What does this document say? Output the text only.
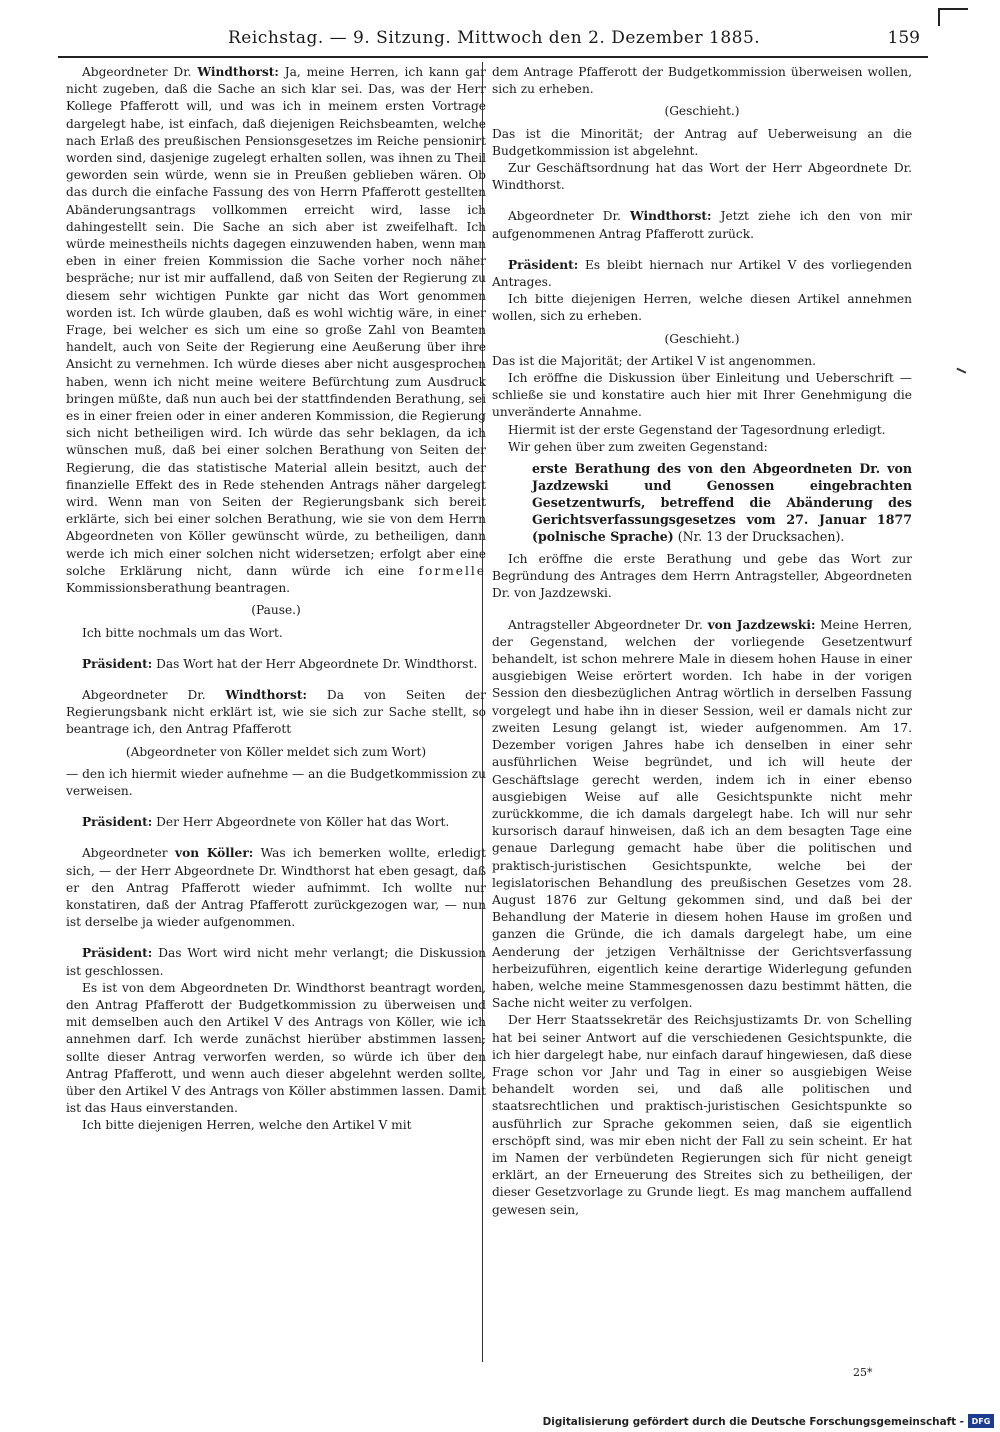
Reichstag. — 9. Sitzung. Mittwoch den 2. Dezember 1885.	159

Abgeordneter Dr. Windthorst: Ja, meine Herren, ich kann gar nicht zugeben, daß die Sache an sich klar sei. Das, was der Herr Kollege Pfafferott will, und was ich in meinem ersten Vortrage dargelegt habe, ist einfach, daß diejenigen Reichsbeamten, welche nach Erlaß des preußischen Pensionsgesetzes im Reiche pensionirt worden sind, dasjenige zugelegt erhalten sollen, was ihnen zu Theil geworden sein würde, wenn sie in Preußen geblieben wären. Ob das durch die einfache Fassung des von Herrn Pfafferott gestellten Abänderungsantrags vollkommen erreicht wird, lasse ich dahingestellt sein. Die Sache an sich aber ist zweifelhaft. Ich würde meinestheils nichts dagegen einzuwenden haben, wenn man eben in einer freien Kommission die Sache vorher noch näher bespräche; nur ist mir auffallend, daß von Seiten der Regierung zu diesem sehr wichtigen Punkte gar nicht das Wort genommen worden ist. Ich würde glauben, daß es wohl wichtig wäre, in einer Frage, bei welcher es sich um eine so große Zahl von Beamten handelt, auch von Seite der Regierung eine Aeußerung über ihre Ansicht zu vernehmen. Ich würde dieses aber nicht ausgesprochen haben, wenn ich nicht meine weitere Befürchtung zum Ausdruck bringen müßte, daß nun auch bei der stattfindenden Berathung, sei es in einer freien oder in einer anderen Kommission, die Regierung sich nicht betheiligen wird. Ich würde das sehr beklagen, da ich wünschen muß, daß bei einer solchen Berathung von Seiten der Regierung, die das statistische Material allein besitzt, auch der finanzielle Effekt des in Rede stehenden Antrags näher dargelegt wird. Wenn man von Seiten der Regierungsbank sich bereit erklärte, sich bei einer solchen Berathung, wie sie von dem Herrn Abgeordneten von Köller gewünscht würde, zu betheiligen, dann werde ich mich einer solchen nicht widersetzen; erfolgt aber eine solche Erklärung nicht, dann würde ich eine formelle Kommissionsberathung beantragen.

(Pause.)

Ich bitte nochmals um das Wort.

Präsident: Das Wort hat der Herr Abgeordnete Dr. Windthorst.

Abgeordneter Dr. Windthorst: Da von Seiten der Regierungsbank nicht erklärt ist, wie sie sich zur Sache stellt, so beantrage ich, den Antrag Pfafferott

(Abgeordneter von Köller meldet sich zum Wort)

— den ich hiermit wieder aufnehme — an die Budgetkommission zu verweisen.

Präsident: Der Herr Abgeordnete von Köller hat das Wort.

Abgeordneter von Köller: Was ich bemerken wollte, erledigt sich, — der Herr Abgeordnete Dr. Windthorst hat eben gesagt, daß er den Antrag Pfafferott wieder aufnimmt. Ich wollte nur konstatiren, daß der Antrag Pfafferott zurückgezogen war, — nun ist derselbe ja wieder aufgenommen.

Präsident: Das Wort wird nicht mehr verlangt; die Diskussion ist geschlossen.

Es ist von dem Abgeordneten Dr. Windthorst beantragt worden, den Antrag Pfafferott der Budgetkommission zu überweisen und mit demselben auch den Artikel V des Antrags von Köller, wie ich annehmen darf. Ich werde zunächst hierüber abstimmen lassen; sollte dieser Antrag verworfen werden, so würde ich über den Antrag Pfafferott, und wenn auch dieser abgelehnt werden sollte, über den Artikel V des Antrags von Köller abstimmen lassen. Damit ist das Haus einverstanden.

Ich bitte diejenigen Herren, welche den Artikel V mit

dem Antrage Pfafferott der Budgetkommission überweisen wollen, sich zu erheben.

(Geschieht.)

Das ist die Minorität; der Antrag auf Ueberweisung an die Budgetkommission ist abgelehnt.

Zur Geschäftsordnung hat das Wort der Herr Abgeordnete Dr. Windthorst.

Abgeordneter Dr. Windthorst: Jetzt ziehe ich den von mir aufgenommenen Antrag Pfafferott zurück.

Präsident: Es bleibt hiernach nur Artikel V des vorliegenden Antrages.

Ich bitte diejenigen Herren, welche diesen Artikel annehmen wollen, sich zu erheben.

(Geschieht.)

Das ist die Majorität; der Artikel V ist angenommen.

Ich eröffne die Diskussion über Einleitung und Ueberschrift — schließe sie und konstatire auch hier mit Ihrer Genehmigung die unveränderte Annahme.

Hiermit ist der erste Gegenstand der Tagesordnung erledigt.

Wir gehen über zum zweiten Gegenstand:

erste Berathung des von den Abgeordneten Dr. von Jazdzewski und Genossen eingebrachten Gesetzentwurfs, betreffend die Abänderung des Gerichtsverfassungsgesetzes vom 27. Januar 1877 (polnische Sprache) (Nr. 13 der Drucksachen).

Ich eröffne die erste Berathung und gebe das Wort zur Begründung des Antrages dem Herrn Antragsteller, Abgeordneten Dr. von Jazdzewski.

Antragsteller Abgeordneter Dr. von Jazdzewski: Meine Herren, der Gegenstand, welchen der vorliegende Gesetzentwurf behandelt, ist schon mehrere Male in diesem hohen Hause in einer ausgiebigen Weise erörtert worden. Ich habe in der vorigen Session den diesbezüglichen Antrag wörtlich in derselben Fassung vorgelegt und habe ihn in dieser Session, weil er damals nicht zur zweiten Lesung gelangt ist, wieder aufgenommen. Am 17. Dezember vorigen Jahres habe ich denselben in einer sehr ausführlichen Weise begründet, und ich will heute der Geschäftslage gerecht werden, indem ich in einer ebenso ausgiebigen Weise auf alle Gesichtspunkte nicht mehr zurückkomme, die ich damals dargelegt habe. Ich will nur sehr kursorisch darauf hinweisen, daß ich an dem besagten Tage eine genaue Darlegung gemacht habe über die politischen und praktisch-juristischen Gesichtspunkte, welche bei der legislatorischen Behandlung des preußischen Gesetzes vom 28. August 1876 zur Geltung gekommen sind, und daß bei der Behandlung der Materie in diesem hohen Hause im großen und ganzen die Gründe, die ich damals dargelegt habe, um eine Aenderung der jetzigen Verhältnisse der Gerichtsverfassung herbeizuführen, eigentlich keine derartige Widerlegung gefunden haben, welche meine Stammesgenossen dazu bestimmt hätten, die Sache nicht weiter zu verfolgen.

Der Herr Staatssekretär des Reichsjustizamts Dr. von Schelling hat bei seiner Antwort auf die verschiedenen Gesichtspunkte, die ich hier dargelegt habe, nur einfach darauf hingewiesen, daß diese Frage schon vor Jahr und Tag in einer so ausgiebigen Weise behandelt worden sei, und daß alle politischen und staatsrechtlichen und praktisch-juristischen Gesichtspunkte so ausführlich zur Sprache gekommen seien, daß sie eigentlich erschöpft sind, was mir eben nicht der Fall zu sein scheint. Er hat im Namen der verbündeten Regierungen sich für nicht geneigt erklärt, an der Erneuerung des Streites sich zu betheiligen, der dieser Gesetzvorlage zu Grunde liegt. Es mag manchem auffallend gewesen sein,

25*
Digitalisierung gefördert durch die Deutsche Forschungsgemeinschaft - DFG
